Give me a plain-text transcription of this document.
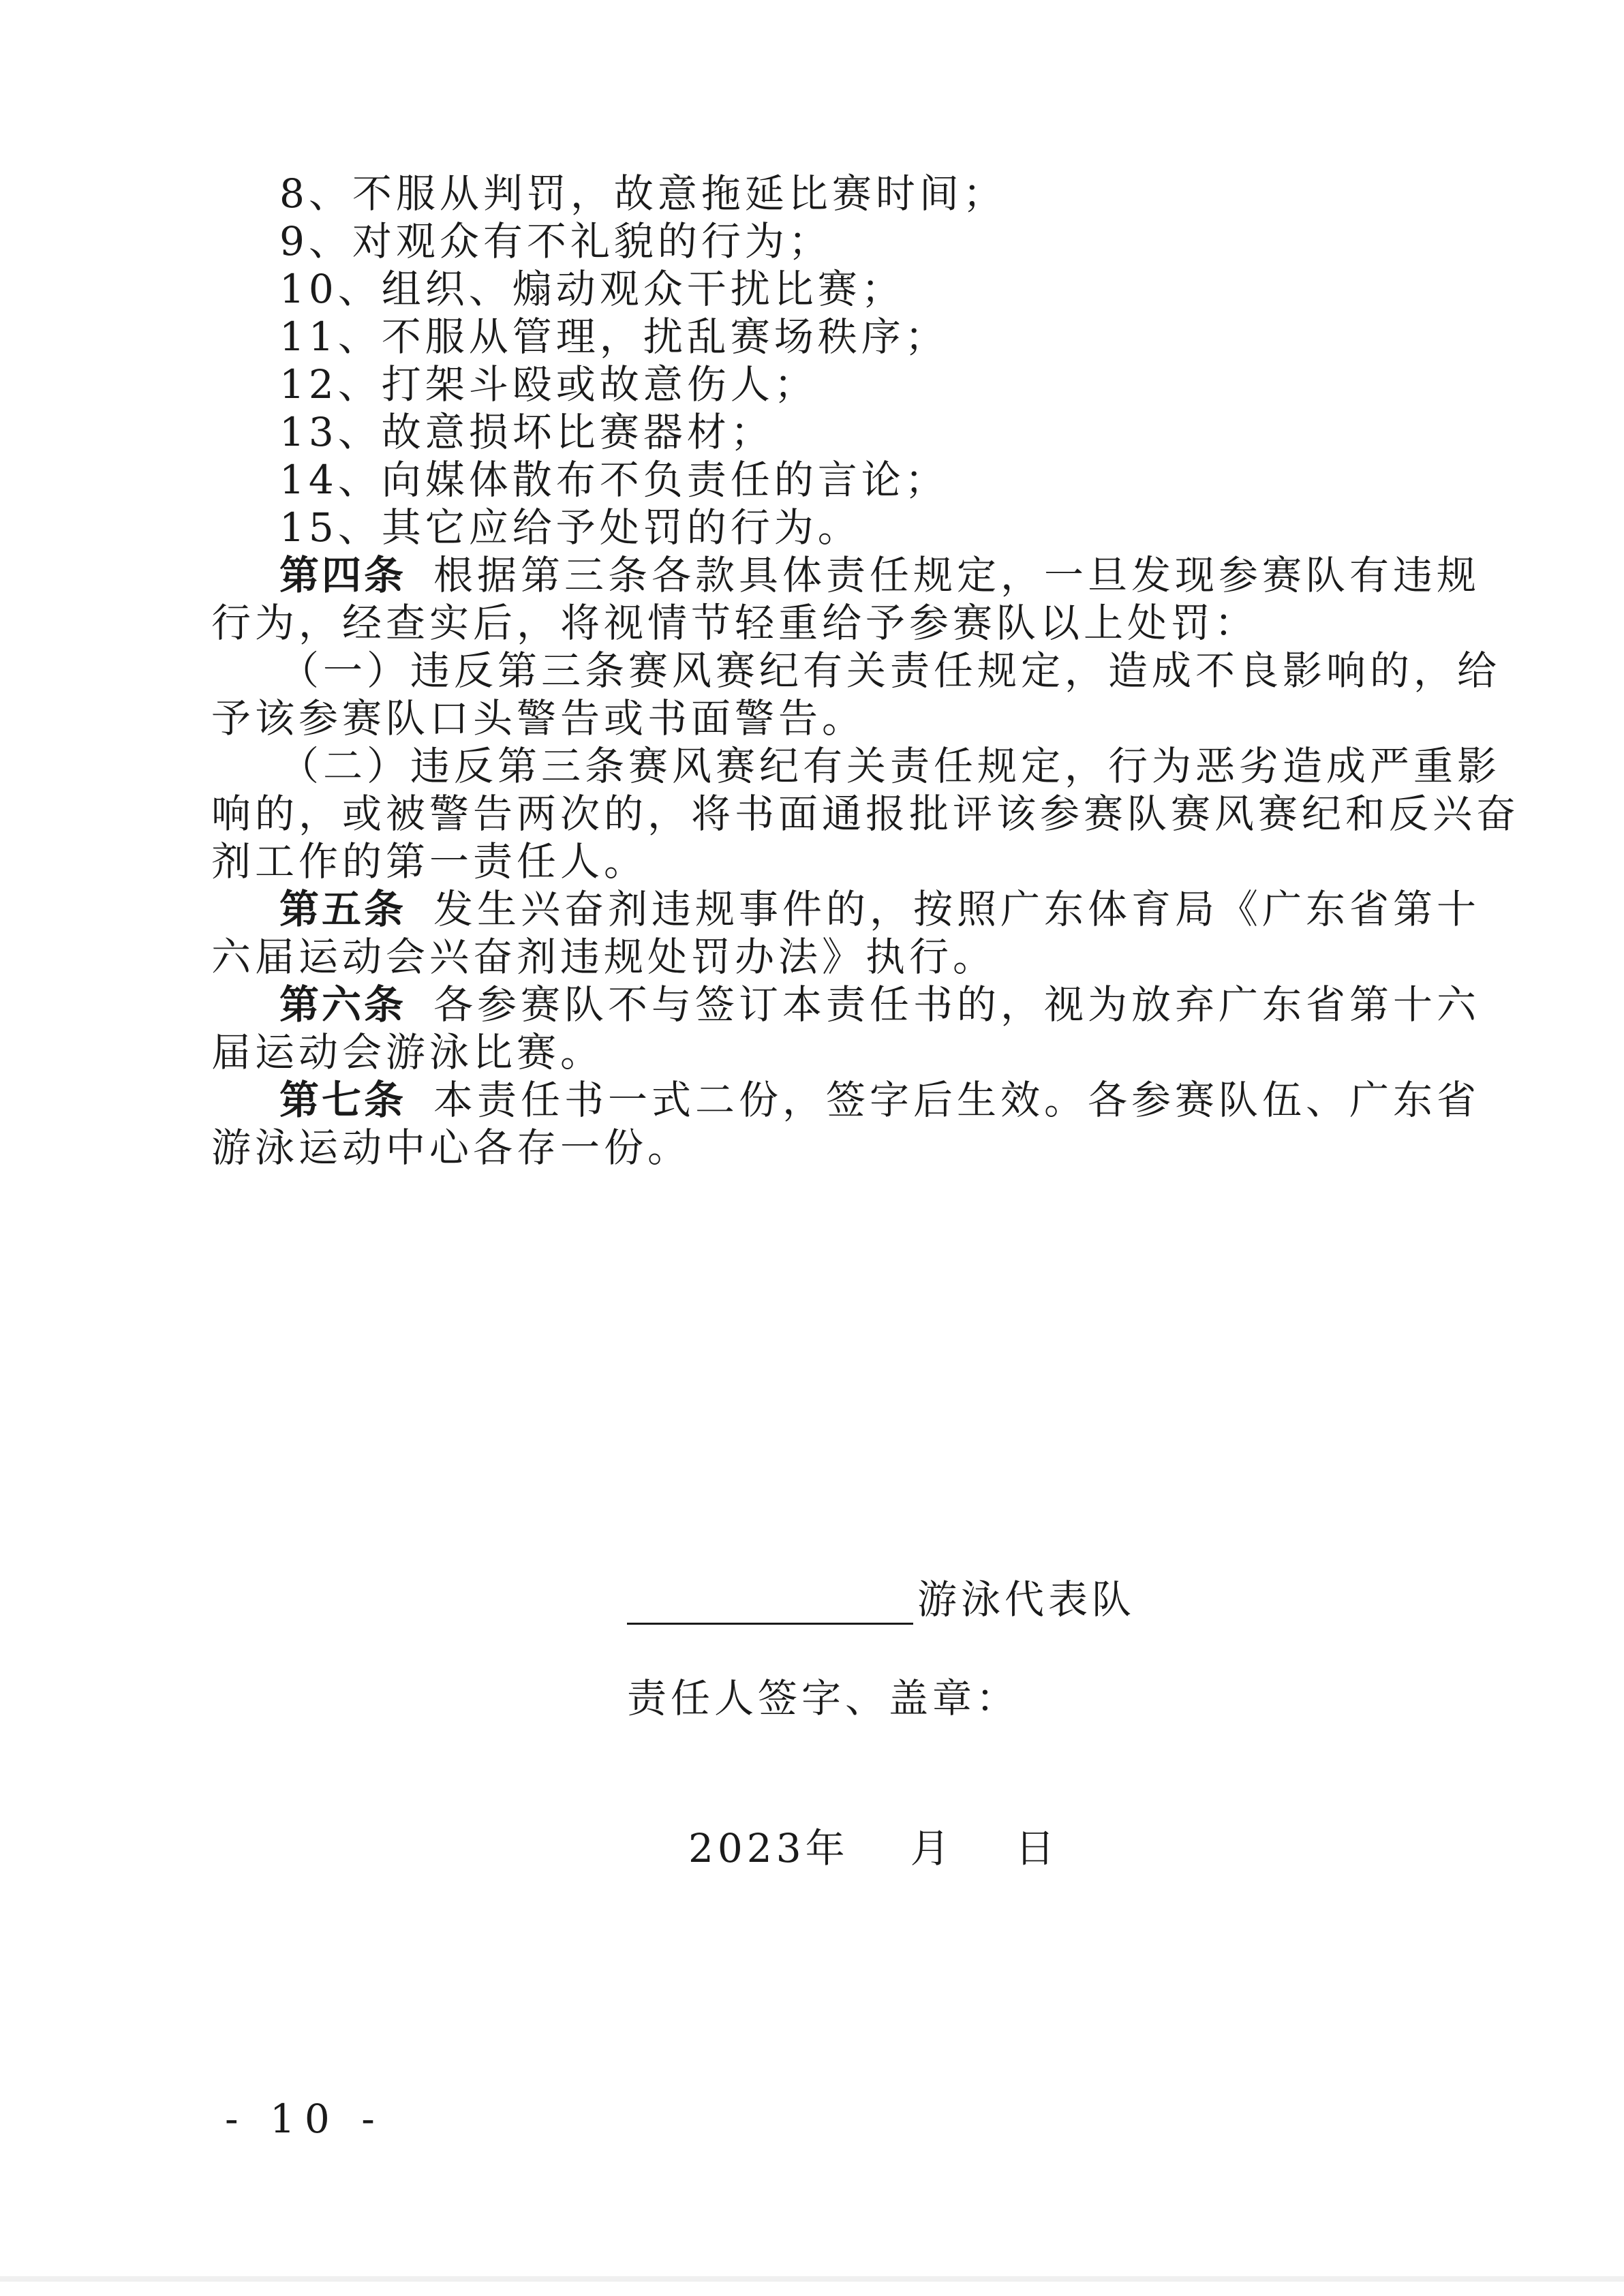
8、不服从判罚，故意拖延比赛时间；
9、对观众有不礼貌的行为；
10、组织、煽动观众干扰比赛；
11、不服从管理，扰乱赛场秩序；
12、打架斗殴或故意伤人；
13、故意损坏比赛器材；
14、向媒体散布不负责任的言论；
15、其它应给予处罚的行为。
第四条 根据第三条各款具体责任规定，一旦发现参赛队有违规
行为，经查实后，将视情节轻重给予参赛队以上处罚：
（一）违反第三条赛风赛纪有关责任规定，造成不良影响的，给
予该参赛队口头警告或书面警告。
（二）违反第三条赛风赛纪有关责任规定，行为恶劣造成严重影
响的，或被警告两次的，将书面通报批评该参赛队赛风赛纪和反兴奋
剂工作的第一责任人。
第五条 发生兴奋剂违规事件的，按照广东体育局《广东省第十
六届运动会兴奋剂违规处罚办法》执行。
第六条 各参赛队不与签订本责任书的，视为放弃广东省第十六
届运动会游泳比赛。
第七条 本责任书一式二份，签字后生效。各参赛队伍、广东省
游泳运动中心各存一份。
游泳代表队
责任人签字、盖章：
2023年 月 日
- 10 -
